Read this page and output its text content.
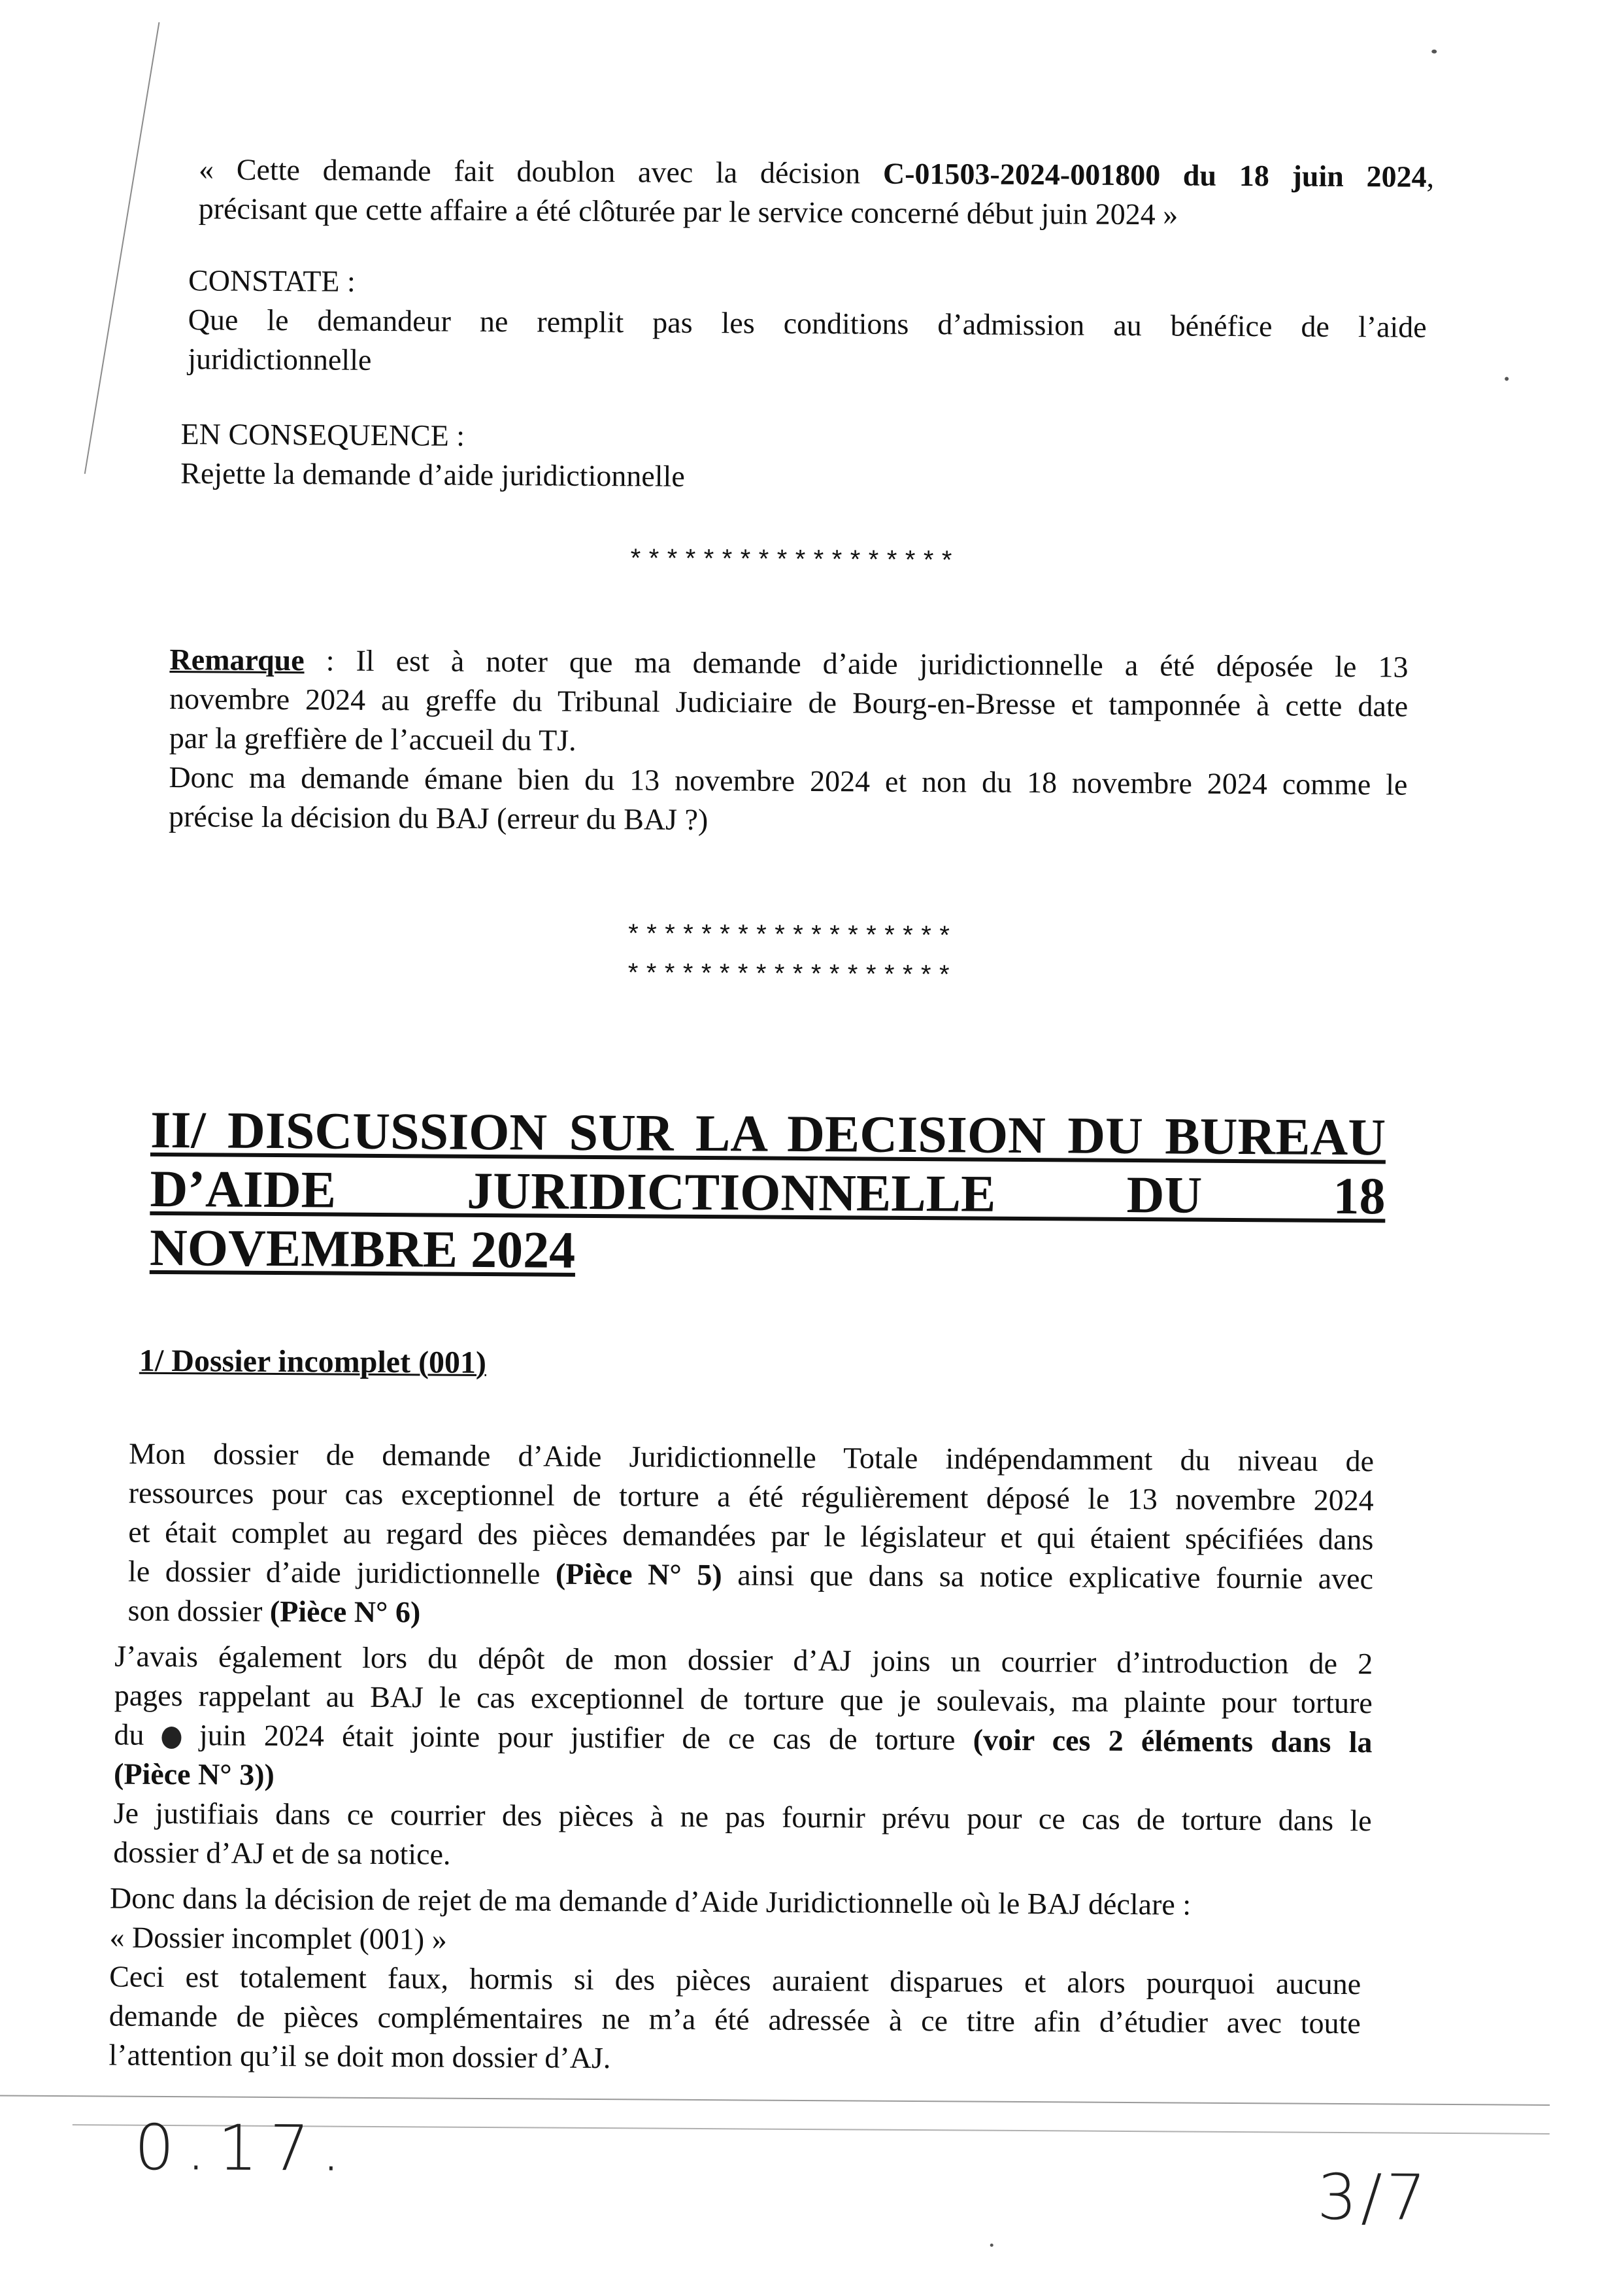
« Cette demande fait doublon avec la décision C-01503-2024-001800 du 18 juin 2024,
précisant que cette affaire a été clôturée par le service concerné début juin 2024 »
CONSTATE :
Que le demandeur ne remplit pas les conditions d’admission au bénéfice de l’aide
juridictionnelle
EN CONSEQUENCE :
Rejette la demande d’aide juridictionnelle
******************
Remarque : Il est à noter que ma demande d’aide juridictionnelle a été déposée le 13
novembre 2024 au greffe du Tribunal Judiciaire de Bourg-en-Bresse et tamponnée à cette date
par la greffière de l’accueil du TJ.
Donc ma demande émane bien du 13 novembre 2024 et non du 18 novembre 2024 comme le
précise la décision du BAJ (erreur du BAJ ?)
******************
******************
II/ DISCUSSION SUR LA DECISION DU BUREAU
D’AIDE JURIDICTIONNELLE DU 18
NOVEMBRE 2024
1/ Dossier incomplet (001)
Mon dossier de demande d’Aide Juridictionnelle Totale indépendamment du niveau de
ressources pour cas exceptionnel de torture a été régulièrement déposé le 13 novembre 2024
et était complet au regard des pièces demandées par le législateur et qui étaient spécifiées dans
le dossier d’aide juridictionnelle (Pièce N° 5) ainsi que dans sa notice explicative fournie avec
son dossier (Pièce N° 6)
J’avais également lors du dépôt de mon dossier d’AJ joins un courrier d’introduction de 2
pages rappelant au BAJ le cas exceptionnel de torture que je soulevais, ma plainte pour torture
du  juin 2024 était jointe pour justifier de ce cas de torture (voir ces 2 éléments dans la
(Pièce N° 3))
Je justifiais dans ce courrier des pièces à ne pas fournir prévu pour ce cas de torture dans le
dossier d’AJ et de sa notice.
Donc dans la décision de rejet de ma demande d’Aide Juridictionnelle où le BAJ déclare :
« Dossier incomplet (001) »
Ceci est totalement faux, hormis si des pièces auraient disparues et alors pourquoi aucune
demande de pièces complémentaires ne m’a été adressée à ce titre afin d’étudier avec toute
l’attention qu’il se doit mon dossier d’AJ.
0.17.
3/7
